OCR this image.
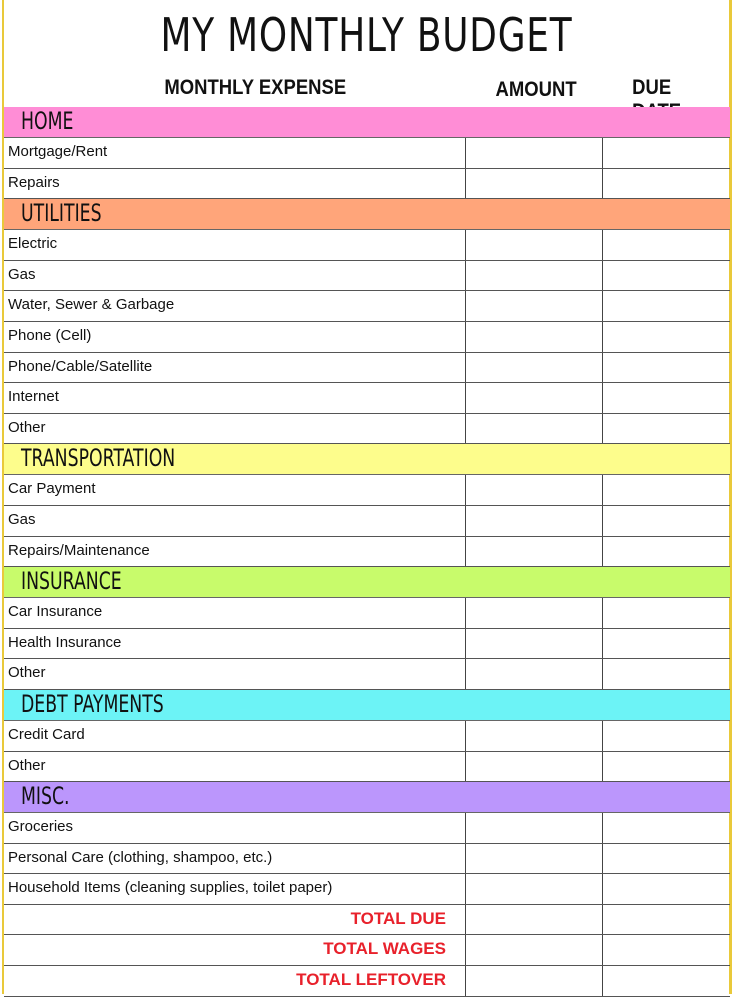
MY MONTHLY BUDGET
MONTHLY EXPENSE	AMOUNT	DUE
HOME
Mortgage/Rent
Repairs
UTILITIES
Electric
Gas
Water, Sewer & Garbage
Phone (Cell)
Phone/Cable/Satellite
Internet
Other
TRANSPORTATION
Car Payment
Gas
Repairs/Maintenance
INSURANCE
Car Insurance
Health Insurance
Other
DEBT PAYMENTS
Credit Card
Other
MISC.
Groceries
Personal Care (clothing, shampoo, etc.)
Household Items (cleaning supplies, toilet paper)
TOTAL DUE
TOTAL WAGES
TOTAL LEFTOVER
